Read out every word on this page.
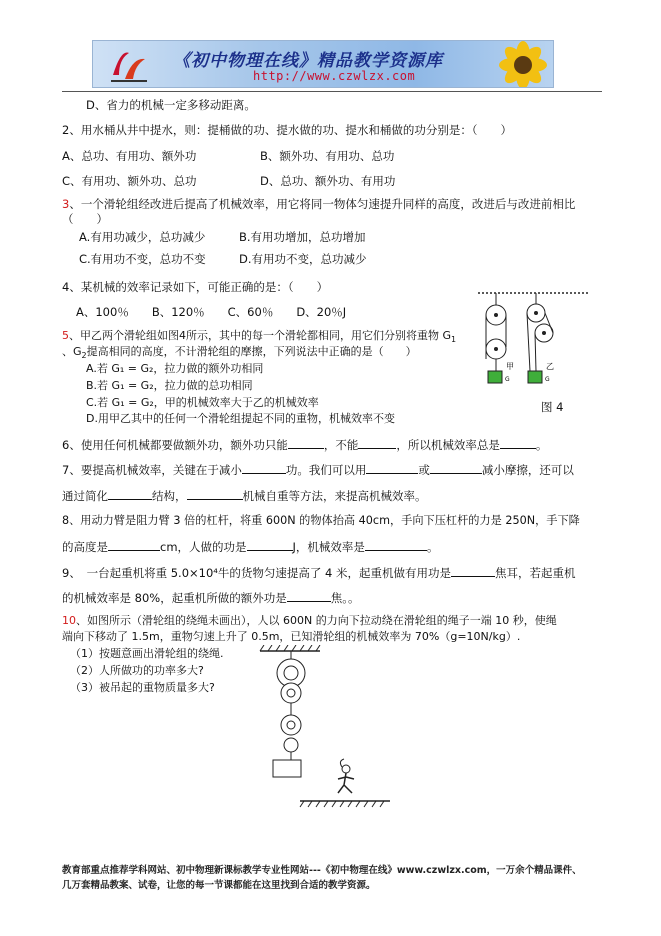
《初中物理在线》精品教学资源库
http://www.czwlzx.com
D、省力的机械一定多移动距离。
2、用水桶从井中提水，则：提桶做的功、提水做的功、提水和桶做的功分别是：（　　）
A、总功、有用功、额外功	B、额外功、有用功、总功
C、有用功、额外功、总功	D、总功、额外功、有用功
3、一个滑轮组经改进后提高了机械效率，用它将同一物体匀速提升同样的高度，改进后与改进前相比
（　　）
A.有用功减少，总功减少	B.有用功增加，总功增加
C.有用功不变，总功不变	D.有用功不变，总功减少
4、某机械的效率记录如下，可能正确的是：（　　）
A、100％　　B、120％　　C、60％　　D、20％J
5、甲乙两个滑轮组如图4所示，其中的每一个滑轮都相同，用它们分别将重物 $G_1$
、$G_2$提高相同的高度，不计滑轮组的摩擦，下列说法中正确的是（　　）
A.若 G₁ = G₂，拉力做的额外功相同
B.若 G₁ = G₂，拉力做的总功相同
C.若 G₁ = G₂，甲的机械效率大于乙的机械效率
D.用甲乙其中的任何一个滑轮组提起不同的重物，机械效率不变
G
甲	乙
G
图 4
6、使用任何机械都要做额外功，额外功只能	，不能	，所以机械效率总是	。
7、要提高机械效率，关键在于减小	功。我们可以用	或	减小摩擦，还可以
通过简化	结构，	机械自重等方法，来提高机械效率。
8、用动力臂是阻力臂 3 倍的杠杆，将重 600N 的物体抬高 40cm，手向下压杠杆的力是 250N，手下降
的高度是	cm，人做的功是	J，机械效率是	。
9、　一台起重机将重 5.0×10⁴牛的货物匀速提高了 4 米，起重机做有用功是	焦耳，若起重机
的机械效率是 80%，起重机所做的额外功是	焦。。
10、如图所示（滑轮组的绕绳未画出），人以 600N 的力向下拉动绕在滑轮组的绳子一端 10 秒，使绳
端向下移动了 1.5m，重物匀速上升了 0.5m，已知滑轮组的机械效率为 70%（g=10N/kg）.
（1）按题意画出滑轮组的绕绳.
（2）人所做功的功率多大?
（3）被吊起的重物质量多大?
教育部重点推荐学科网站、初中物理新课标教学专业性网站---《初中物理在线》www.czwlzx.com，一万余个精品课件、
几万套精品教案、试卷，让您的每一节课都能在这里找到合适的教学资源。
